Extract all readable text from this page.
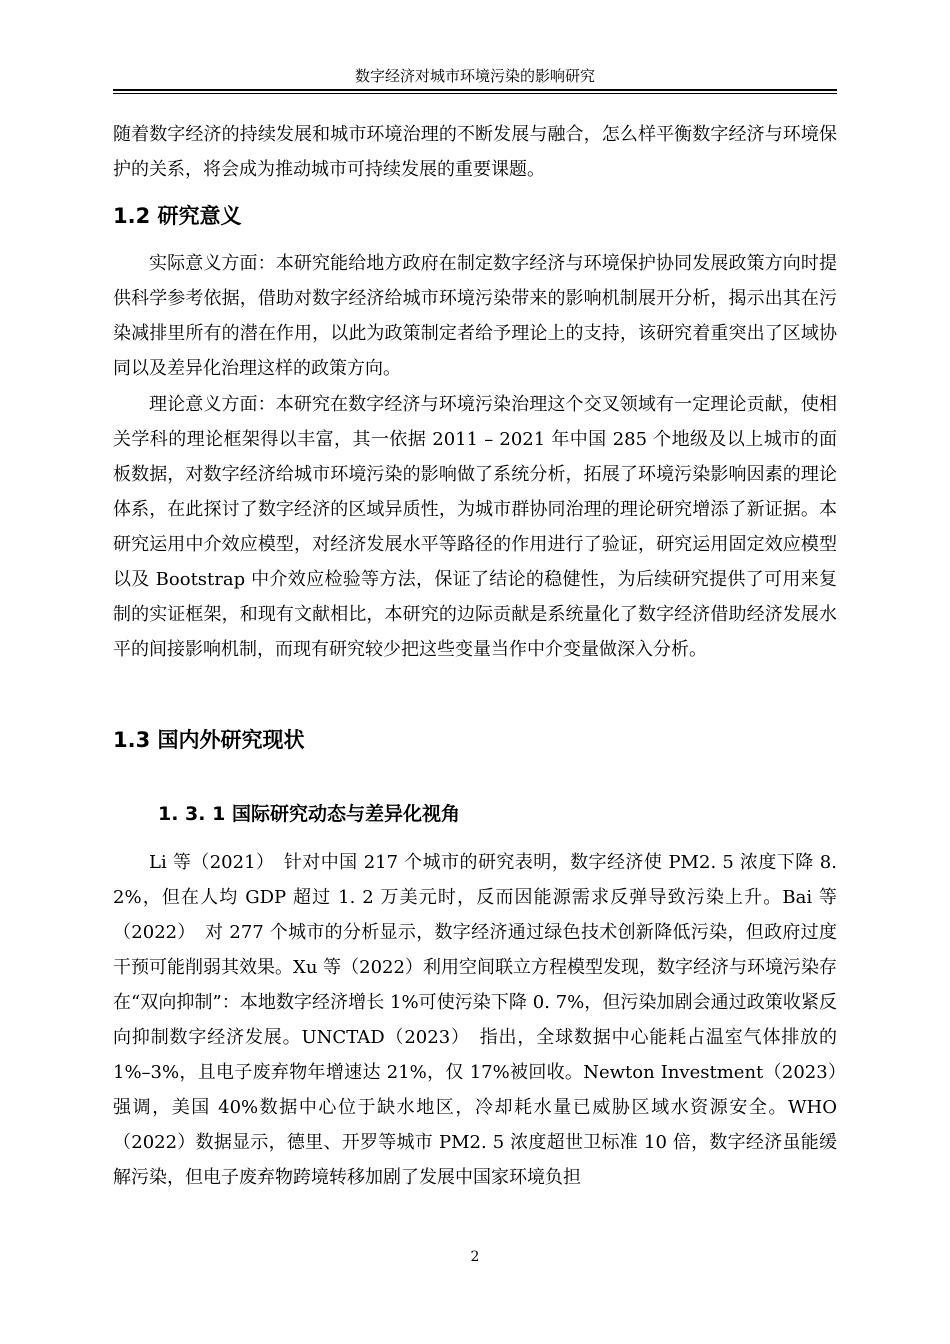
数字经济对城市环境污染的影响研究

随着数字经济的持续发展和城市环境治理的不断发展与融合，怎么样平衡数字经济与环境保护的关系，将会成为推动城市可持续发展的重要课题。

1.2 研究意义

实际意义方面：本研究能给地方政府在制定数字经济与环境保护协同发展政策方向时提供科学参考依据，借助对数字经济给城市环境污染带来的影响机制展开分析，揭示出其在污染减排里所有的潜在作用，以此为政策制定者给予理论上的支持，该研究着重突出了区域协同以及差异化治理这样的政策方向。

理论意义方面：本研究在数字经济与环境污染治理这个交叉领域有一定理论贡献，使相关学科的理论框架得以丰富，其一依据 2011 – 2021 年中国 285 个地级及以上城市的面板数据，对数字经济给城市环境污染的影响做了系统分析，拓展了环境污染影响因素的理论体系，在此探讨了数字经济的区域异质性，为城市群协同治理的理论研究增添了新证据。本研究运用中介效应模型，对经济发展水平等路径的作用进行了验证，研究运用固定效应模型以及 Bootstrap 中介效应检验等方法，保证了结论的稳健性，为后续研究提供了可用来复制的实证框架，和现有文献相比，本研究的边际贡献是系统量化了数字经济借助经济发展水平的间接影响机制，而现有研究较少把这些变量当作中介变量做深入分析。

1.3 国内外研究现状
1. 3. 1 国际研究动态与差异化视角

Li 等（2021）　针对中国 217 个城市的研究表明，数字经济使 PM2. 5 浓度下降 8. 2%，但在人均 GDP 超过 1. 2 万美元时，反而因能源需求反弹导致污染上升。Bai 等（2022）　对 277 个城市的分析显示，数字经济通过绿色技术创新降低污染，但政府过度干预可能削弱其效果。Xu 等（2022）利用空间联立方程模型发现，数字经济与环境污染存在“双向抑制”：本地数字经济增长 1%可使污染下降 0. 7%，但污染加剧会通过政策收紧反向抑制数字经济发展。UNCTAD（2023）　指出，全球数据中心能耗占温室气体排放的 1%–3%，且电子废弃物年增速达 21%，仅 17%被回收。Newton Investment（2023）　强调，美国 40%数据中心位于缺水地区，冷却耗水量已威胁区域水资源安全。WHO（2022）数据显示，德里、开罗等城市 PM2. 5 浓度超世卫标准 10 倍，数字经济虽能缓解污染，但电子废弃物跨境转移加剧了发展中国家环境负担

2
